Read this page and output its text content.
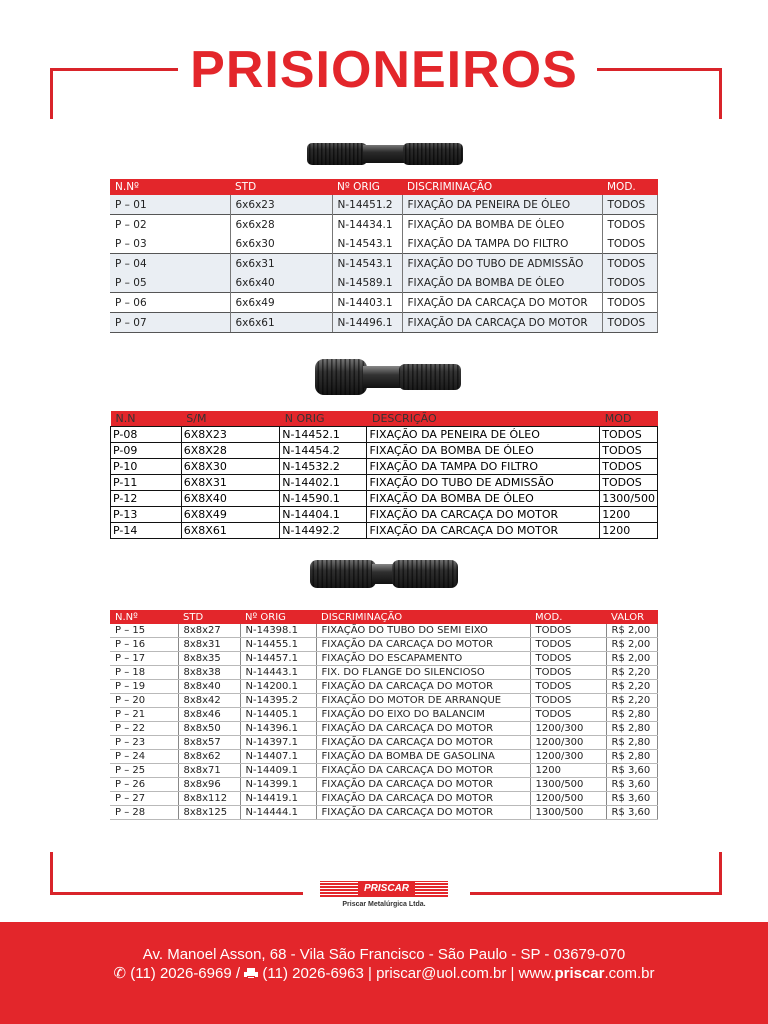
PRISIONEIROS
N.Nº	STD	Nº ORIG	DISCRIMINAÇÃO	MOD.
P – 01	6x6x23	N-14451.2	FIXAÇÃO DA PENEIRA DE ÓLEO	TODOS
P – 02	6x6x28	N-14434.1	FIXAÇÃO DA BOMBA DE ÓLEO	TODOS
P – 03	6x6x30	N-14543.1	FIXAÇÃO DA TAMPA DO FILTRO	TODOS
P – 04	6x6x31	N-14543.1	FIXAÇÃO DO TUBO DE ADMISSÃO	TODOS
P – 05	6x6x40	N-14589.1	FIXAÇÃO DA BOMBA DE ÓLEO	TODOS
P – 06	6x6x49	N-14403.1	FIXAÇÃO DA CARCAÇA DO MOTOR	TODOS
P – 07	6x6x61	N-14496.1	FIXAÇÃO DA CARCAÇA DO MOTOR	TODOS
N.N	S/M	N ORIG	DESCRIÇÃO	MOD
P-08	6X8X23	N-14452.1	FIXAÇÃO DA PENEIRA DE ÓLEO	TODOS
P-09	6X8X28	N-14454.2	FIXAÇÃO DA BOMBA DE ÓLEO	TODOS
P-10	6X8X30	N-14532.2	FIXAÇÃO DA TAMPA DO FILTRO	TODOS
P-11	6X8X31	N-14402.1	FIXAÇÃO DO TUBO DE ADMISSÃO	TODOS
P-12	6X8X40	N-14590.1	FIXAÇÃO DA BOMBA DE ÓLEO	1300/500
P-13	6X8X49	N-14404.1	FIXAÇÃO DA CARCAÇA DO MOTOR	1200
P-14	6X8X61	N-14492.2	FIXAÇÃO DA CARCAÇA DO MOTOR	1200
N.Nº	STD	Nº ORIG	DISCRIMINAÇÃO	MOD.	VALOR
P – 15	8x8x27	N-14398.1	FIXAÇÃO DO TUBO DO SEMI EIXO	TODOS	R$ 2,00
P – 16	8x8x31	N-14455.1	FIXAÇÃO DA CARCAÇA DO MOTOR	TODOS	R$ 2,00
P – 17	8x8x35	N-14457.1	FIXAÇÃO DO ESCAPAMENTO	TODOS	R$ 2,00
P – 18	8x8x38	N-14443.1	FIX. DO FLANGE DO SILENCIOSO	TODOS	R$ 2,20
P – 19	8x8x40	N-14200.1	FIXAÇÃO DA CARCAÇA DO MOTOR	TODOS	R$ 2,20
P – 20	8x8x42	N-14395.2	FIXAÇÃO DO MOTOR DE ARRANQUE	TODOS	R$ 2,20
P – 21	8x8x46	N-14405.1	FIXAÇÃO DO EIXO DO BALANCIM	TODOS	R$ 2,80
P – 22	8x8x50	N-14396.1	FIXAÇÃO DA CARCAÇA DO MOTOR	1200/300	R$ 2,80
P – 23	8x8x57	N-14397.1	FIXAÇÃO DA CARCAÇA DO MOTOR	1200/300	R$ 2,80
P – 24	8x8x62	N-14407.1	FIXAÇÃO DA BOMBA DE GASOLINA	1200/300	R$ 2,80
P – 25	8x8x71	N-14409.1	FIXAÇÃO DA CARCAÇA DO MOTOR	1200	R$ 3,60
P – 26	8x8x96	N-14399.1	FIXAÇÃO DA CARCAÇA DO MOTOR	1300/500	R$ 3,60
P – 27	8x8x112	N-14419.1	FIXAÇÃO DA CARCAÇA DO MOTOR	1200/500	R$ 3,60
P – 28	8x8x125	N-14444.1	FIXAÇÃO DA CARCAÇA DO MOTOR	1300/500	R$ 3,60
PRISCAR
Priscar Metalúrgica Ltda.
Av. Manoel Asson, 68 - Vila São Francisco - São Paulo - SP - 03679-070
✆ (11) 2026-6969 /
(11) 2026-6963 | priscar@uol.com.br | www.priscar.com.br
